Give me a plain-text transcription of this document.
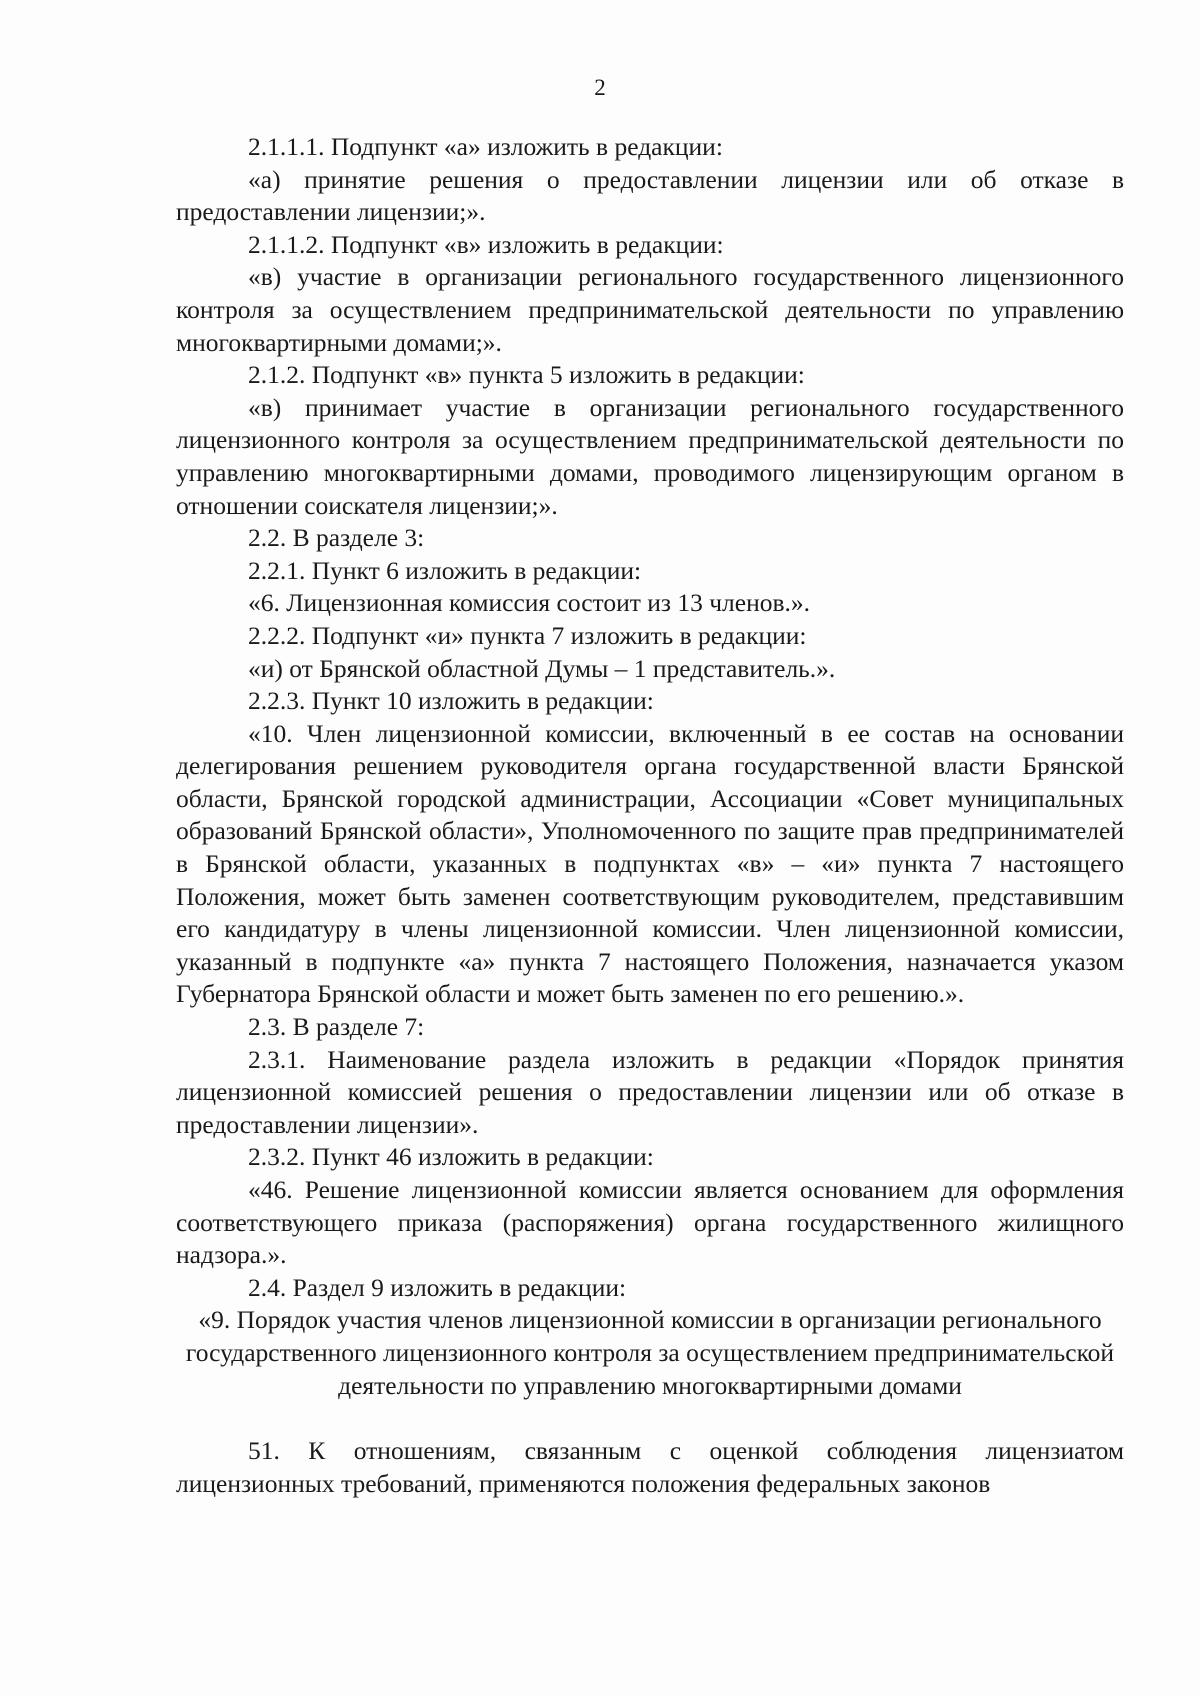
2

2.1.1.1. Подпункт «а» изложить в редакции:

«а) принятие решения о предоставлении лицензии или об отказе в предоставлении лицензии;».

2.1.1.2. Подпункт «в» изложить в редакции:

«в) участие в организации регионального государственного лицензионного контроля за осуществлением предпринимательской деятельности по управлению многоквартирными домами;».

2.1.2. Подпункт «в» пункта 5 изложить в редакции:

«в) принимает участие в организации регионального государственного лицензионного контроля за осуществлением предпринимательской деятельности по управлению многоквартирными домами, проводимого лицензирующим органом в отношении соискателя лицензии;».

2.2. В разделе 3:

2.2.1. Пункт 6 изложить в редакции:

«6. Лицензионная комиссия состоит из 13 членов.».

2.2.2. Подпункт «и» пункта 7 изложить в редакции:

«и) от Брянской областной Думы – 1 представитель.».

2.2.3. Пункт 10 изложить в редакции:

«10. Член лицензионной комиссии, включенный в ее состав на основании делегирования решением руководителя органа государственной власти Брянской области, Брянской городской администрации, Ассоциации «Совет муниципальных образований Брянской области», Уполномоченного по защите прав предпринимателей в Брянской области, указанных в подпунктах «в» – «и» пункта 7 настоящего Положения, может быть заменен соответствующим руководителем, представившим его кандидатуру в члены лицензионной комиссии. Член лицензионной комиссии, указанный в подпункте «а» пункта 7 настоящего Положения, назначается указом Губернатора Брянской области и может быть заменен по его решению.».

2.3. В разделе 7:

2.3.1. Наименование раздела изложить в редакции «Порядок принятия лицензионной комиссией решения о предоставлении лицензии или об отказе в предоставлении лицензии».

2.3.2. Пункт 46 изложить в редакции:

«46. Решение лицензионной комиссии является основанием для оформления соответствующего приказа (распоряжения) органа государственного жилищного надзора.».

2.4. Раздел 9 изложить в редакции:

«9. Порядок участия членов лицензионной комиссии в организации регионального государственного лицензионного контроля за осуществлением предпринимательской деятельности по управлению многоквартирными домами

51. К отношениям, связанным с оценкой соблюдения лицензиатом лицензионных требований, применяются положения федеральных законов
